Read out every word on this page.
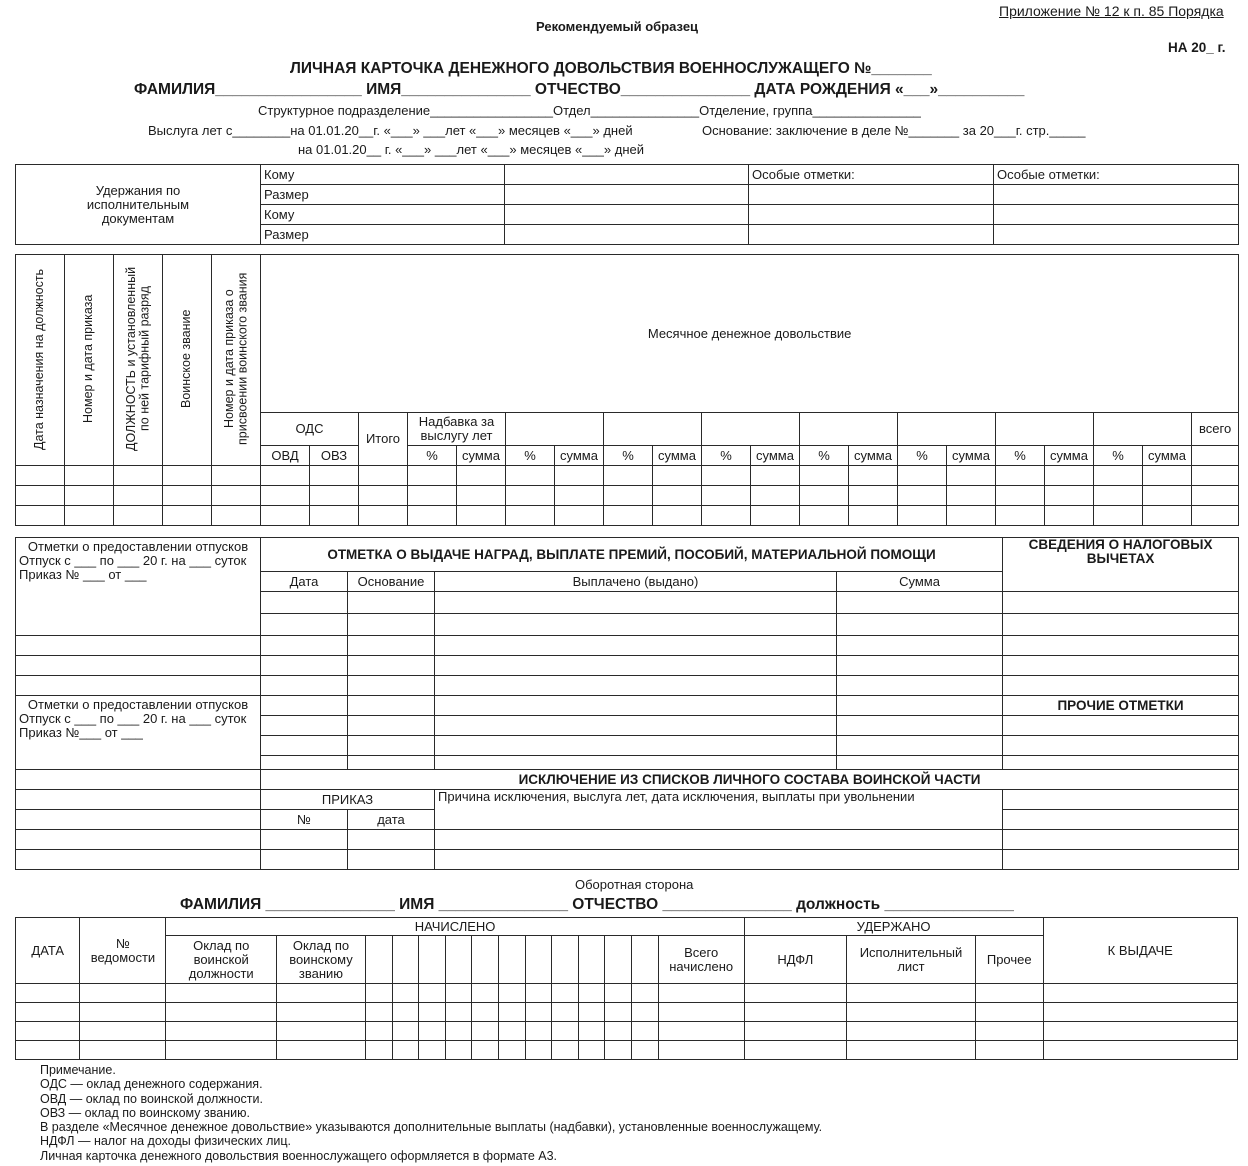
Приложение № 12 к п. 85 Порядка
Рекомендуемый образец
НА 20_ г.
ЛИЧНАЯ КАРТОЧКА ДЕНЕЖНОГО ДОВОЛЬСТВИЯ ВОЕННОСЛУЖАЩЕГО №_______
ФАМИЛИЯ_________________ ИМЯ_______________ ОТЧЕСТВО_______________ ДАТА РОЖДЕНИЯ «___»__________
Структурное подразделение_________________Отдел_______________Отделение, группа_______________
Выслуга лет с________на 01.01.20__г. «___» ___лет «___» месяцев «___» дней	Основание: заключение в деле №_______ за 20___г. стр._____
на 01.01.20__ г. «___» ___лет «___» месяцев «___» дней
Удержания по исполнительным документам	Кому		Особые отметки:	Особые отметки:
	Размер			
	Кому			
	Размер			
Дата назначения на должность	Номер и дата приказа	ДОЛЖНОСТЬ и установленный по ней тарифный разряд	Воинское звание	Номер и дата приказа о присвоении воинского звания	Месячное денежное довольствие																			
					ОДС		Итого	Надбавка за выслугу лет																всего
					ОВД	ОВЗ		%	сумма	%	сумма	%	сумма	%	сумма	%	сумма	%	сумма	%	сумма	%	сумма	

Отметки о предоставлении отпусков
Отпуск с ___ по ___ 20 г. на ___ суток
Приказ № ___ от ___	ОТМЕТКА О ВЫДАЧЕ НАГРАД, ВЫПЛАТЕ ПРЕМИЙ, ПОСОБИЙ, МАТЕРИАЛЬНОЙ ПОМОЩИ				СВЕДЕНИЯ О НАЛОГОВЫХ ВЫЧЕТАХ
	Дата	Основание	Выплачено (выдано)	Сумма	

Отметки о предоставлении отпусков
Отпуск с ___ по ___ 20 г. на ___ суток
Приказ №___ от ___					ПРОЧИЕ ОТМЕТКИ

	ИСКЛЮЧЕНИЕ ИЗ СПИСКОВ ЛИЧНОГО СОСТАВА ВОИНСКОЙ ЧАСТИ				
	ПРИКАЗ		Причина исключения, выслуга лет, дата исключения, выплаты при увольнении		
	№	дата			

Оборотная сторона
ФАМИЛИЯ _______________ ИМЯ _______________ ОТЧЕСТВО _______________ должность _______________
ДАТА	№ ведомости	НАЧИСЛЕНО														УДЕРЖАНО			К ВЫДАЧЕ
		Оклад по воинской должности	Оклад по воинскому званию												Всего начислено	НДФЛ	Исполнительный лист	Прочее	

Примечание.
ОДС — оклад денежного содержания.
ОВД — оклад по воинской должности.
ОВЗ — оклад по воинскому званию.
В разделе «Месячное денежное довольствие» указываются дополнительные выплаты (надбавки), установленные военнослужащему.
НДФЛ — налог на доходы физических лиц.
Личная карточка денежного довольствия военнослужащего оформляется в формате А3.
